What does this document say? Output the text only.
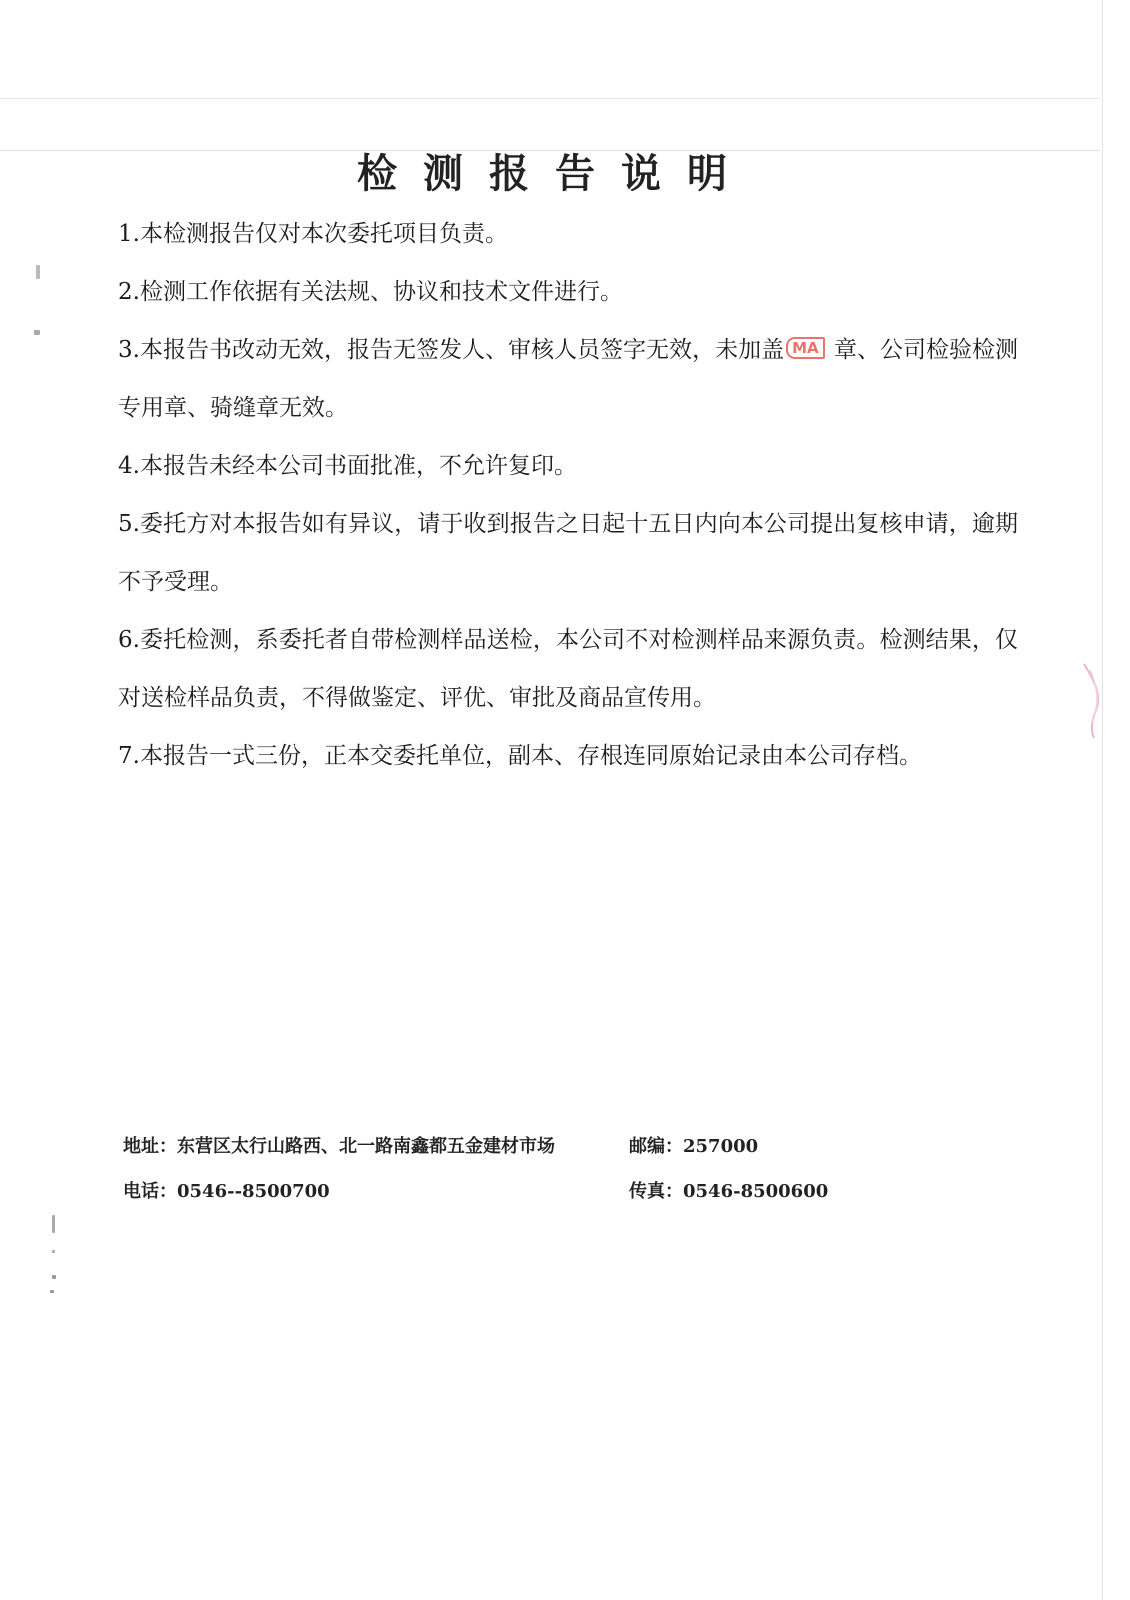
检测报告说明

1.本检测报告仅对本次委托项目负责。

2.检测工作依据有关法规、协议和技术文件进行。

3.本报告书改动无效，报告无签发人、审核人员签字无效，未加盖 MA 章、公司检验检测专用章、骑缝章无效。

4.本报告未经本公司书面批准，不允许复印。

5.委托方对本报告如有异议，请于收到报告之日起十五日内向本公司提出复核申请，逾期不予受理。

6.委托检测，系委托者自带检测样品送检，本公司不对检测样品来源负责。检测结果，仅对送检样品负责，不得做鉴定、评优、审批及商品宣传用。

7.本报告一式三份，正本交委托单位，副本、存根连同原始记录由本公司存档。

地址：东营区太行山路西、北一路南鑫都五金建材市场	邮编：257000
电话：0546--8500700	传真：0546-8500600
